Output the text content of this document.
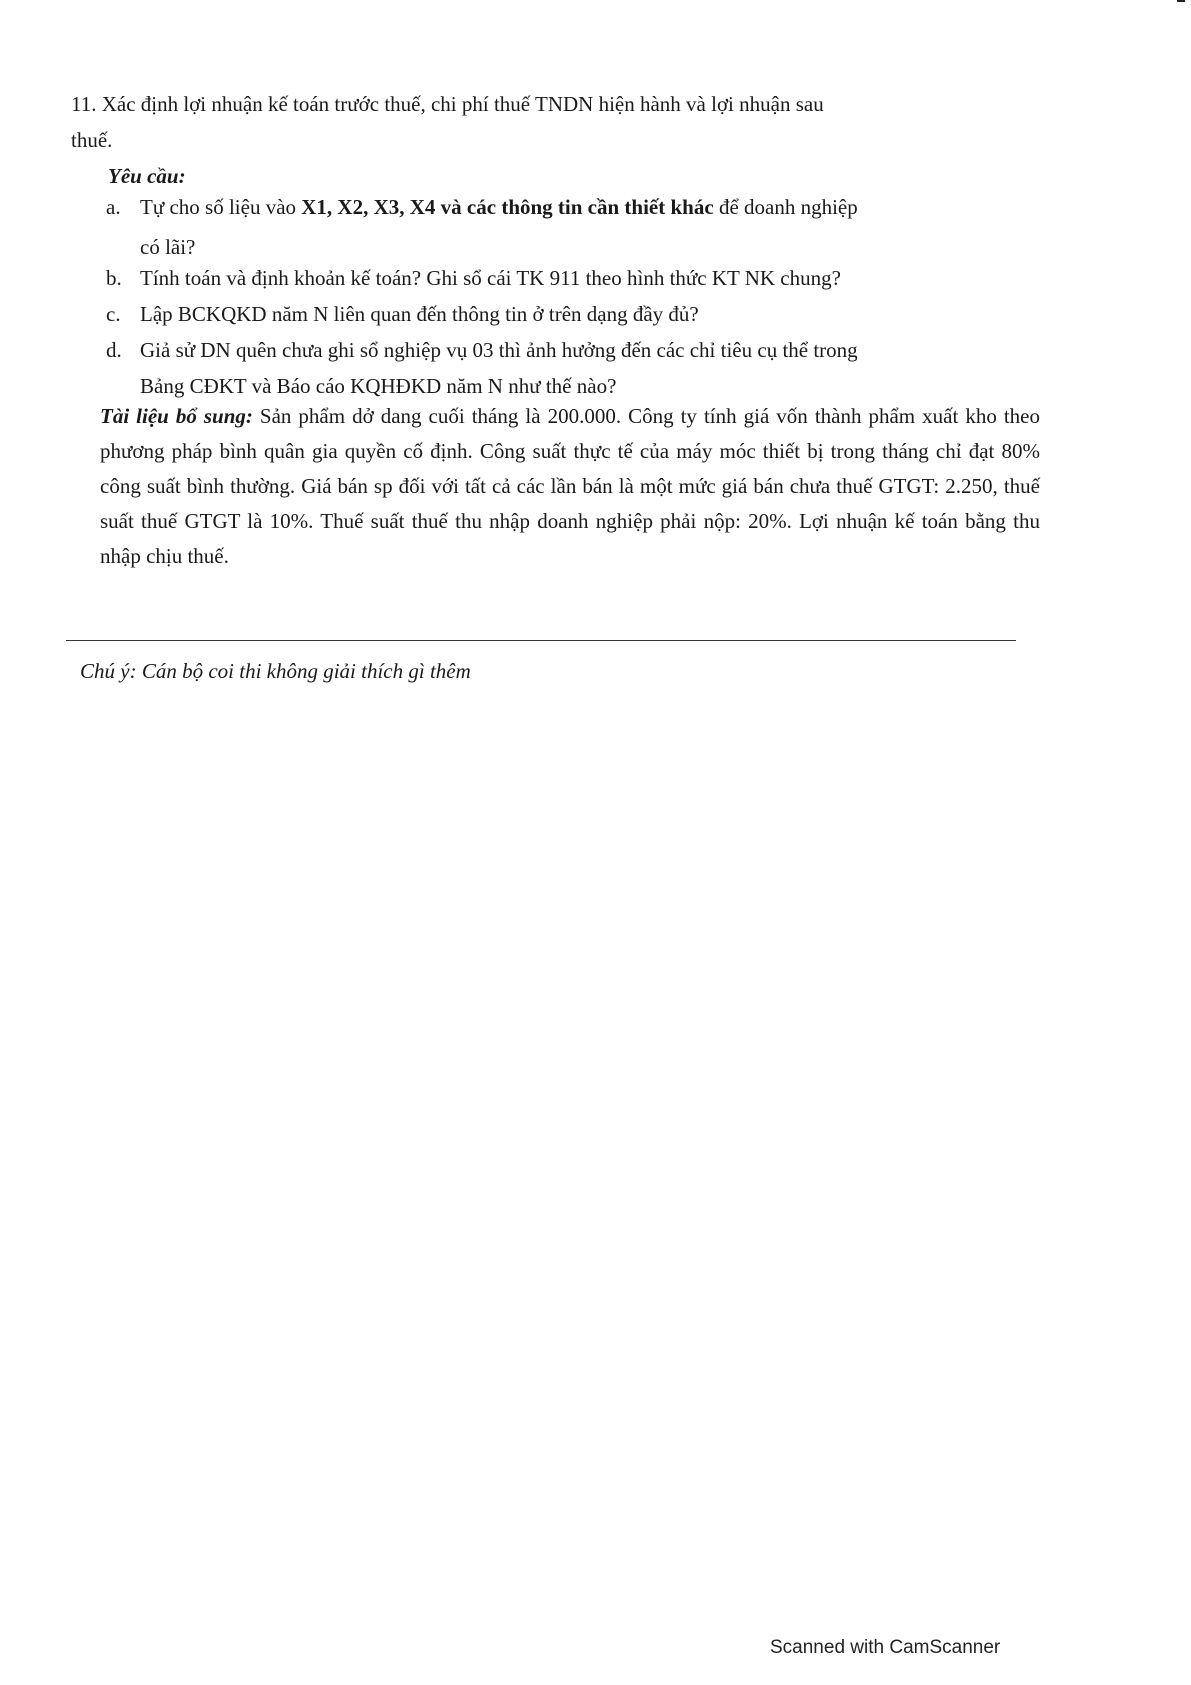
11. Xác định lợi nhuận kế toán trước thuế, chi phí thuế TNDN hiện hành và lợi nhuận sau

thuế.

Yêu cầu:

a. Tự cho số liệu vào X1, X2, X3, X4 và các thông tin cần thiết khác để doanh nghiệp

có lãi?

b. Tính toán và định khoản kế toán? Ghi sổ cái TK 911 theo hình thức KT NK chung?

c. Lập BCKQKD năm N liên quan đến thông tin ở trên dạng đầy đủ?

d. Giả sử DN quên chưa ghi sổ nghiệp vụ 03 thì ảnh hưởng đến các chỉ tiêu cụ thể trong

Bảng CĐKT và Báo cáo KQHĐKD năm N như thế nào?

Tài liệu bổ sung: Sản phẩm dở dang cuối tháng là 200.000. Công ty tính giá vốn thành phẩm xuất kho theo phương pháp bình quân gia quyền cố định. Công suất thực tế của máy móc thiết bị trong tháng chỉ đạt 80% công suất bình thường. Giá bán sp đối với tất cả các lần bán là một mức giá bán chưa thuế GTGT: 2.250, thuế suất thuế GTGT là 10%. Thuế suất thuế thu nhập doanh nghiệp phải nộp: 20%. Lợi nhuận kế toán bằng thu nhập chịu thuế.

Chú ý: Cán bộ coi thi không giải thích gì thêm

Scanned with CamScanner
